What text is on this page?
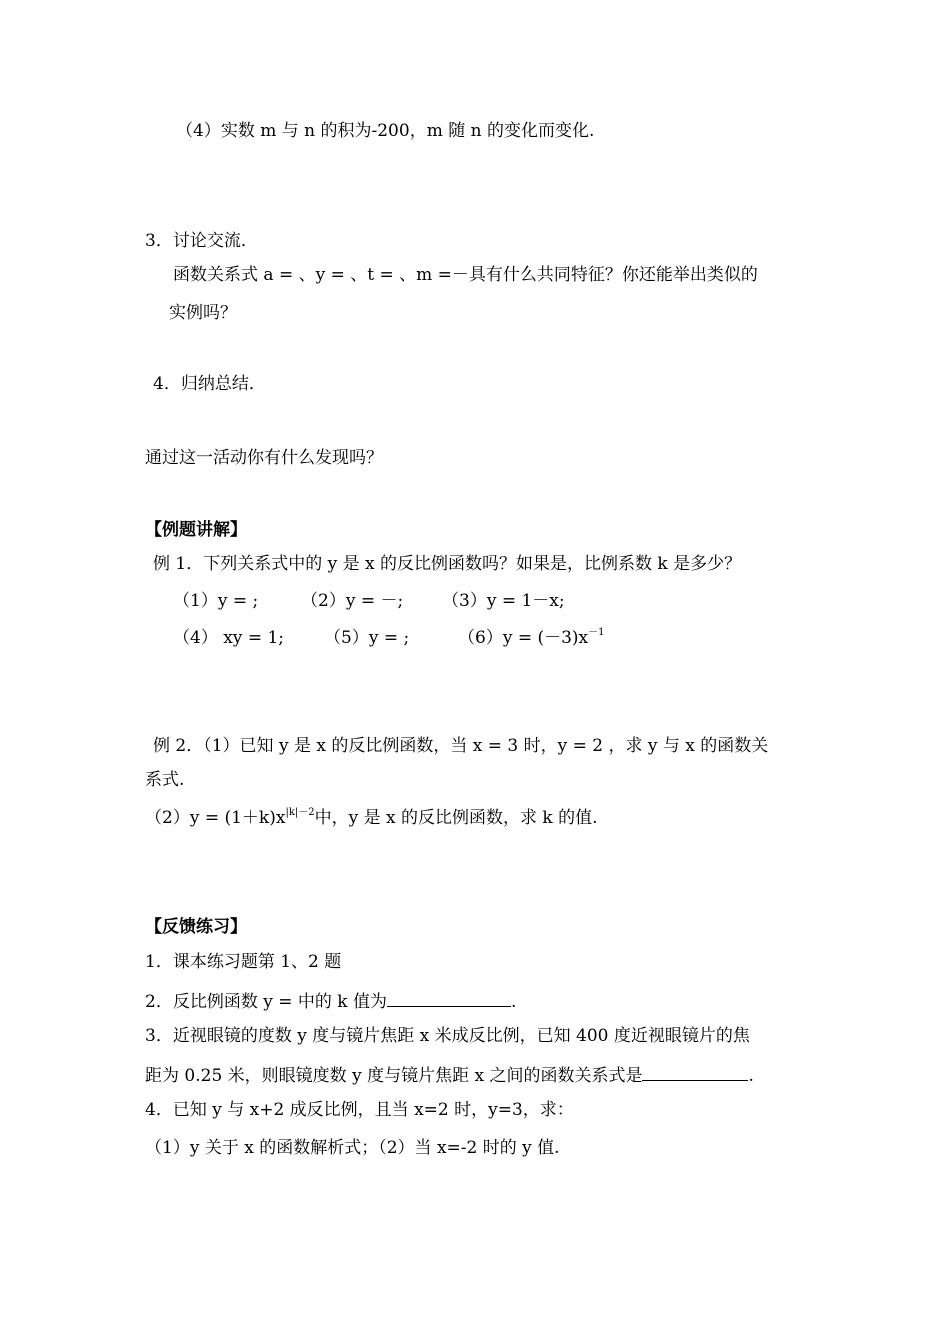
（4）实数 m 与 n 的积为-200，m 随 n 的变化而变化.
3．讨论交流．
函数关系式 a = 、y = 、t = 、m =－具有什么共同特征？你还能举出类似的
实例吗？
4．归纳总结．
通过这一活动你有什么发现吗？
【例题讲解】
例 1．下列关系式中的 y 是 x 的反比例函数吗？如果是，比例系数 k 是多少？
（1）y = ;	（2）y = －; （3）y = 1－x;
（4） xy = 1; （5）y = ;	$(6)y = (-3)x^{-1}$
例 2．（1）已知 y 是 x 的反比例函数，当 x = 3 时，y = 2 ，求 y 与 x 的函数关
系式.
$(2)y = (1+k)x^{|k|-2}$中，y 是 x 的反比例函数，求 k 的值.
【反馈练习】
1．课本练习题第 1、2 题
2．反比例函数 y = 中的 k 值为	.
3．近视眼镜的度数 y 度与镜片焦距 x 米成反比例，已知 400 度近视眼镜片的焦
距为 0.25 米，则眼镜度数 y 度与镜片焦距 x 之间的函数关系式是	.
4．已知 y 与 x+2 成反比例，且当 x=2 时，y=3，求：
（1）y 关于 x 的函数解析式；（2）当 x=-2 时的 y 值.
